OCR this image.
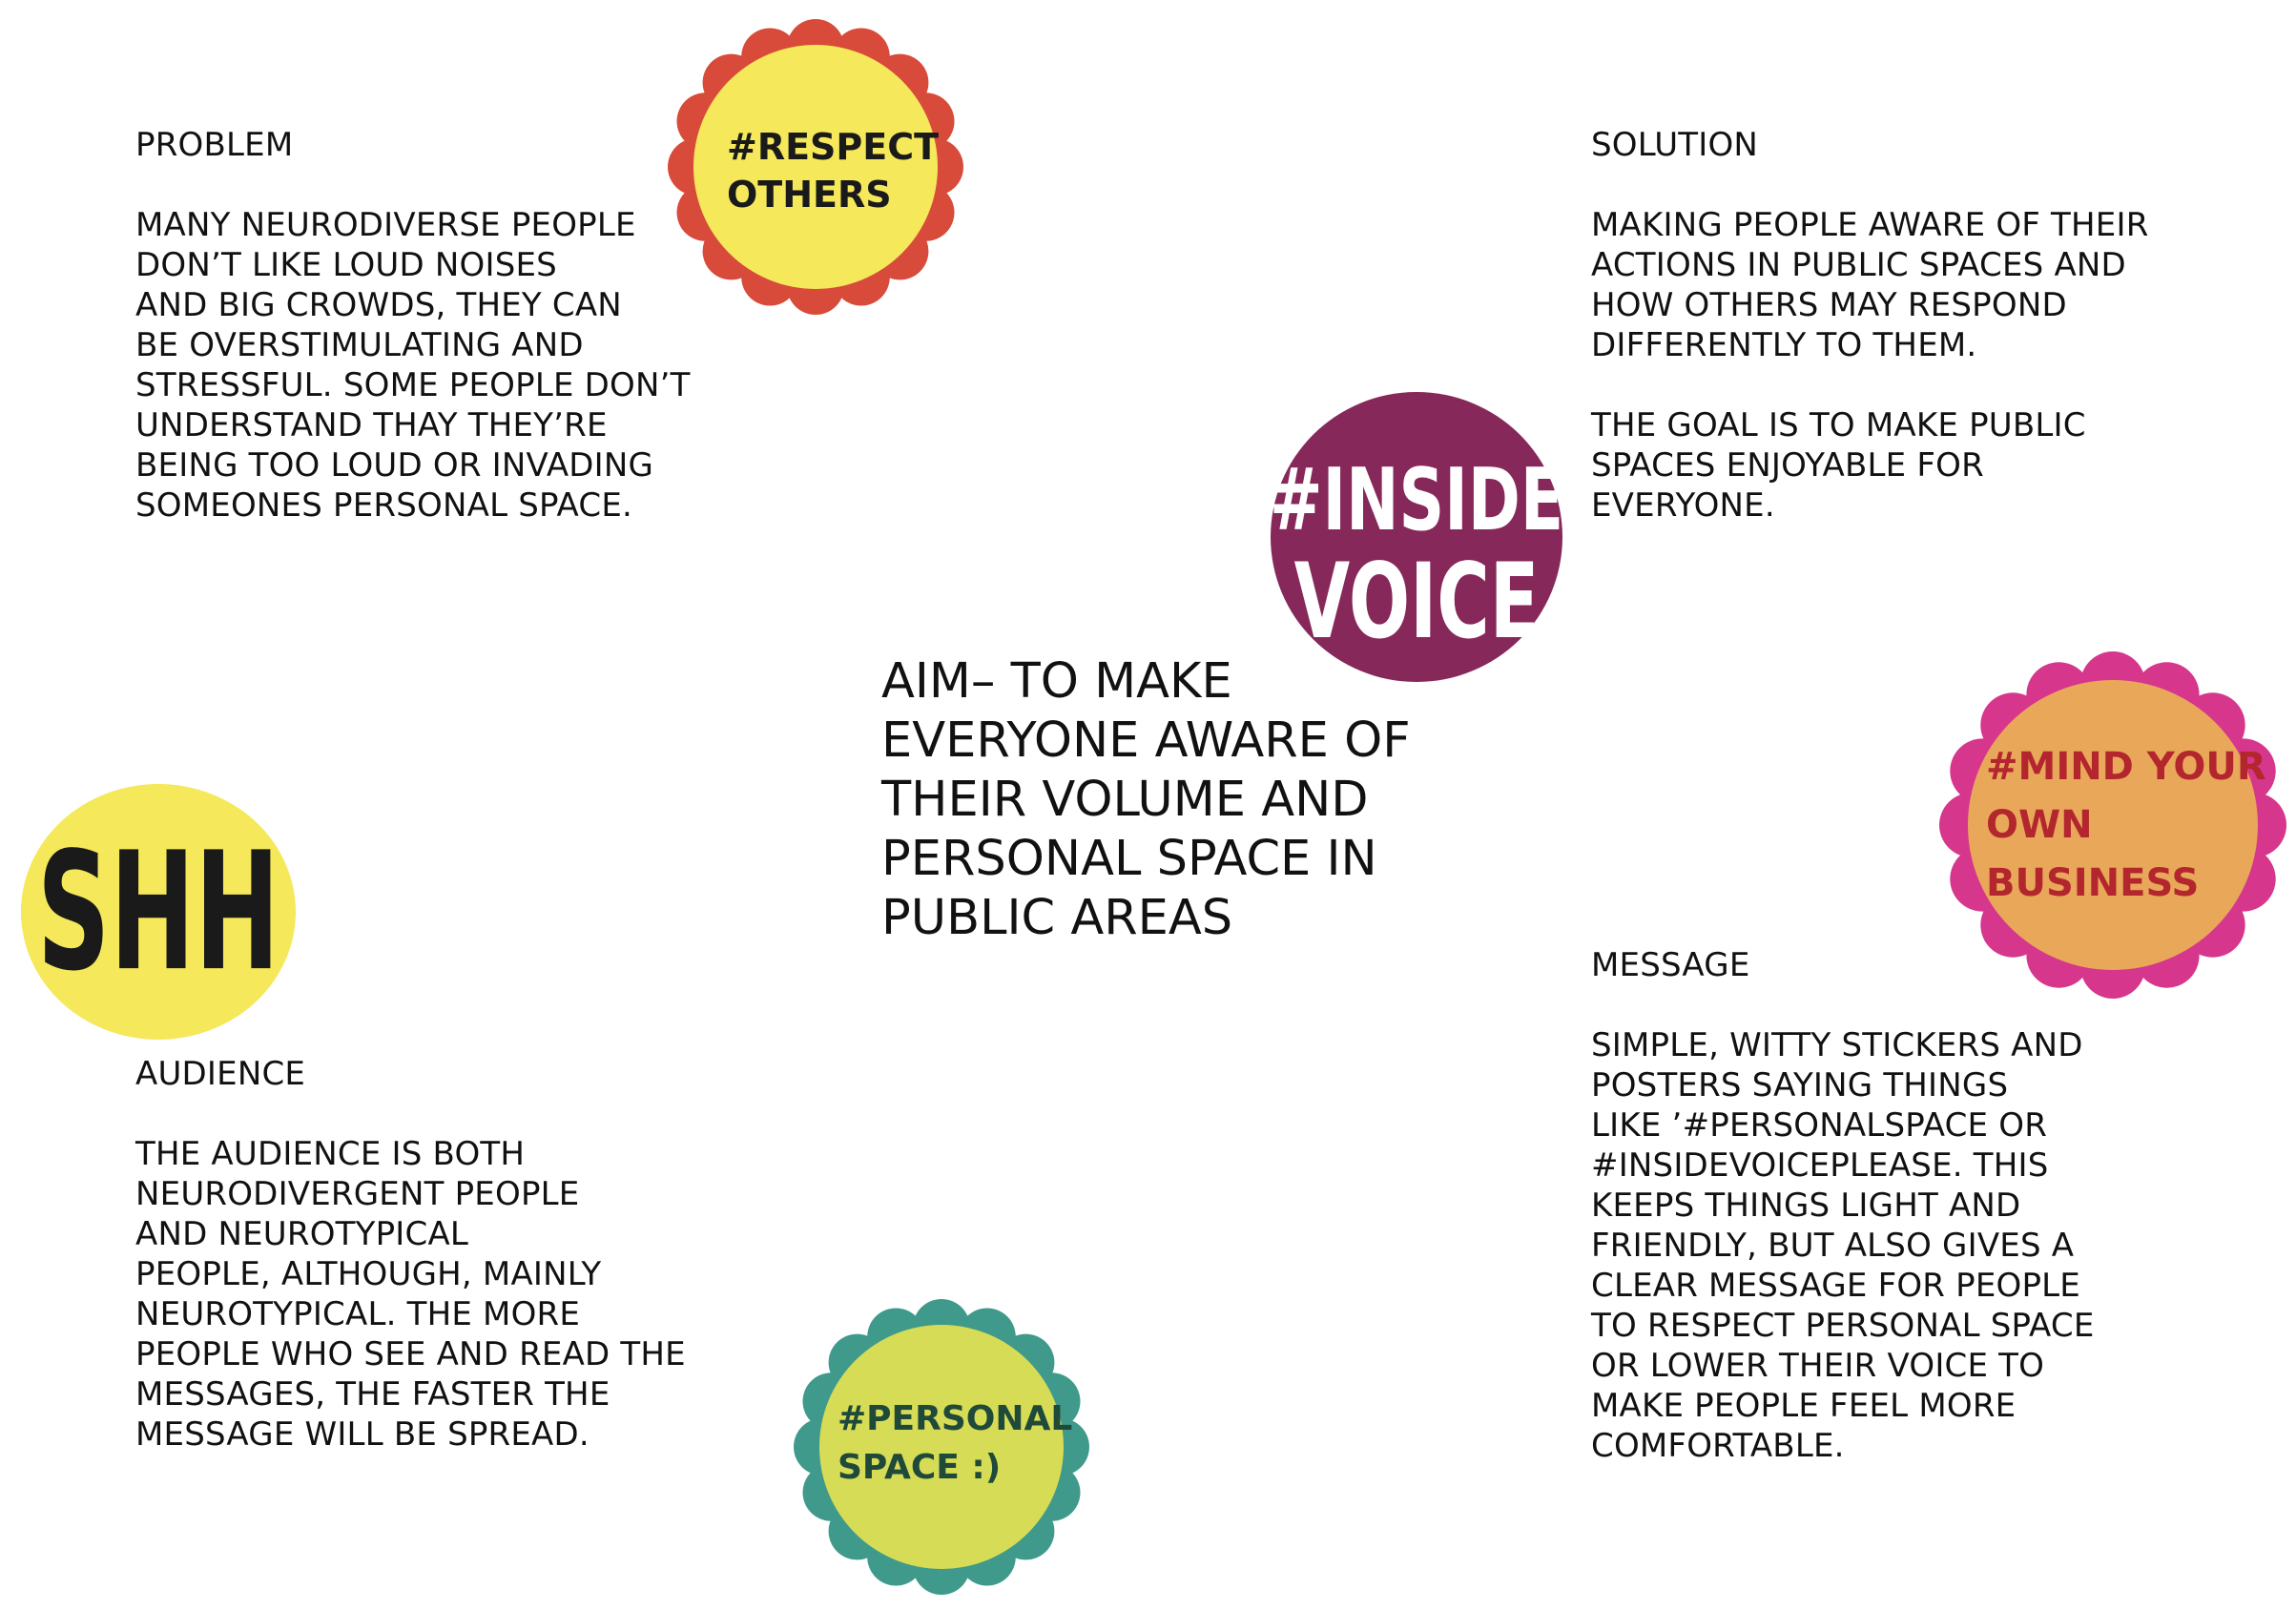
PROBLEM
MANY NEURODIVERSE PEOPLE
DON’T LIKE LOUD NOISES
AND BIG CROWDS, THEY CAN
BE OVERSTIMULATING AND
STRESSFUL. SOME PEOPLE DON’T
UNDERSTAND THAY THEY’RE
BEING TOO LOUD OR INVADING
SOMEONES PERSONAL SPACE.
SOLUTION
MAKING PEOPLE AWARE OF THEIR
ACTIONS IN PUBLIC SPACES AND
HOW OTHERS MAY RESPOND
DIFFERENTLY TO THEM.
THE GOAL IS TO MAKE PUBLIC
SPACES ENJOYABLE FOR
EVERYONE.
AIM– TO MAKE
EVERYONE AWARE OF
THEIR VOLUME AND
PERSONAL SPACE IN
PUBLIC AREAS
AUDIENCE
THE AUDIENCE IS BOTH
NEURODIVERGENT PEOPLE
AND NEUROTYPICAL
PEOPLE, ALTHOUGH, MAINLY
NEUROTYPICAL. THE MORE
PEOPLE WHO SEE AND READ THE
MESSAGES, THE FASTER THE
MESSAGE WILL BE SPREAD.
MESSAGE
SIMPLE, WITTY STICKERS AND
POSTERS SAYING THINGS
LIKE ’#PERSONALSPACE OR
#INSIDEVOICEPLEASE. THIS
KEEPS THINGS LIGHT AND
FRIENDLY, BUT ALSO GIVES A
CLEAR MESSAGE FOR PEOPLE
TO RESPECT PERSONAL SPACE
OR LOWER THEIR VOICE TO
MAKE PEOPLE FEEL MORE
COMFORTABLE.
#RESPECT
OTHERS
#INSIDE
VOICE
#MIND YOUR
OWN
BUSINESS
SHH
#PERSONAL
SPACE :)
